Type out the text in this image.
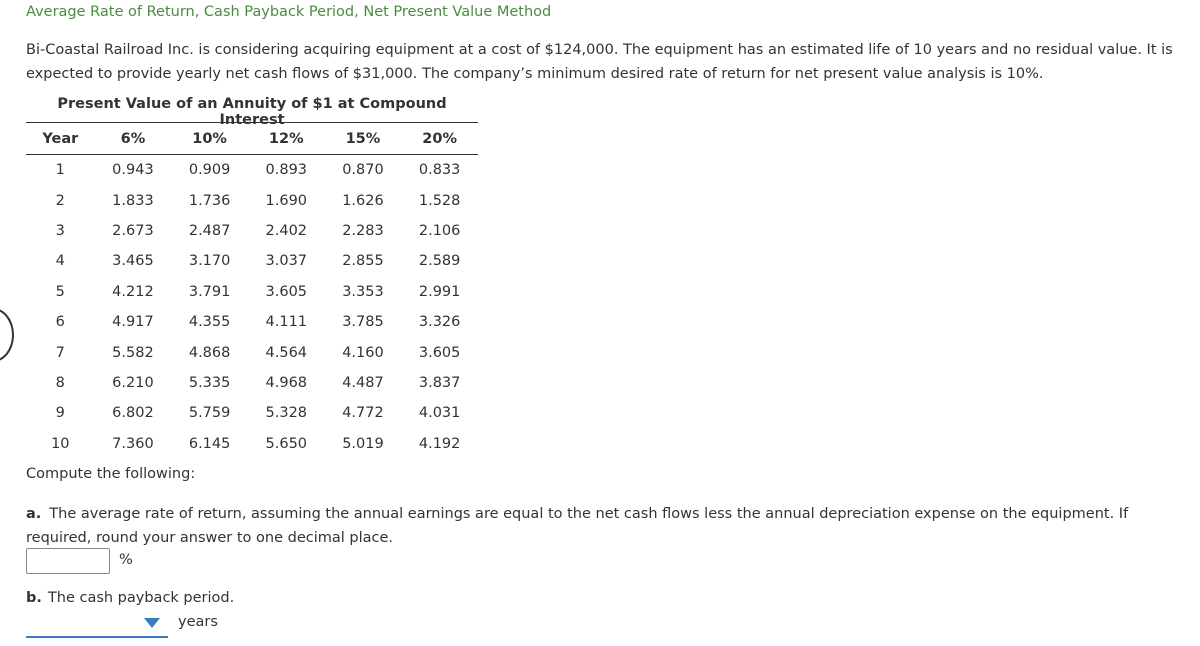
Average Rate of Return, Cash Payback Period, Net Present Value Method
Bi-Coastal Railroad Inc. is considering acquiring equipment at a cost of $124,000. The equipment has an estimated life of 10 years and no residual value. It is expected to provide yearly net cash flows of $31,000. The company’s minimum desired rate of return for net present value analysis is 10%.
Present Value of an Annuity of $1 at Compound Interest
Year	6%	10%	12%	15%	20%
1	0.943	0.909	0.893	0.870	0.833
2	1.833	1.736	1.690	1.626	1.528
3	2.673	2.487	2.402	2.283	2.106
4	3.465	3.170	3.037	2.855	2.589
5	4.212	3.791	3.605	3.353	2.991
6	4.917	4.355	4.111	3.785	3.326
7	5.582	4.868	4.564	4.160	3.605
8	6.210	5.335	4.968	4.487	3.837
9	6.802	5.759	5.328	4.772	4.031
10	7.360	6.145	5.650	5.019	4.192
Compute the following:
a. The average rate of return, assuming the annual earnings are equal to the net cash flows less the annual depreciation expense on the equipment. If required, round your answer to one decimal place.
%
b. The cash payback period.
years
